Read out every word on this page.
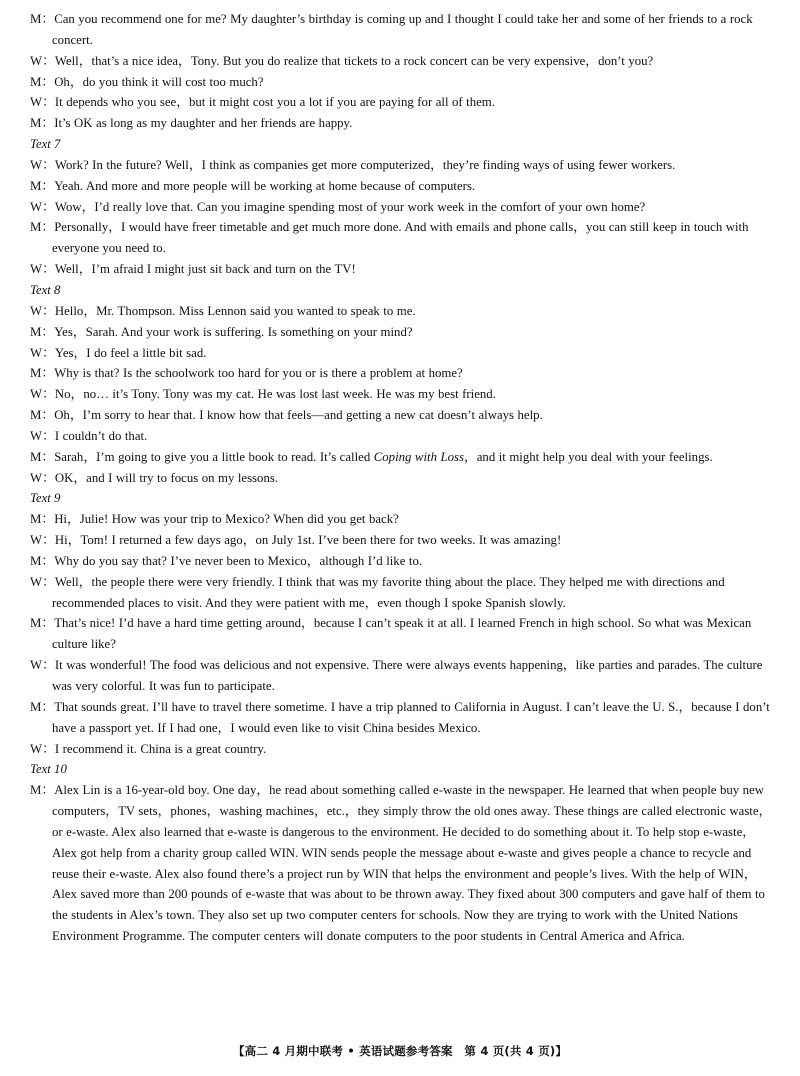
M：Can you recommend one for me? My daughter’s birthday is coming up and I thought I could take her and some of her friends to a rock concert.
W：Well，that’s a nice idea，Tony. But you do realize that tickets to a rock concert can be very expensive，don’t you?
M：Oh，do you think it will cost too much?
W：It depends who you see，but it might cost you a lot if you are paying for all of them.
M：It’s OK as long as my daughter and her friends are happy.
Text 7
W：Work? In the future? Well，I think as companies get more computerized，they’re finding ways of using fewer workers.
M：Yeah. And more and more people will be working at home because of computers.
W：Wow，I’d really love that. Can you imagine spending most of your work week in the comfort of your own home?
M：Personally，I would have freer timetable and get much more done. And with emails and phone calls，you can still keep in touch with everyone you need to.
W：Well，I’m afraid I might just sit back and turn on the TV!
Text 8
W：Hello，Mr. Thompson. Miss Lennon said you wanted to speak to me.
M：Yes，Sarah. And your work is suffering. Is something on your mind?
W：Yes，I do feel a little bit sad.
M：Why is that? Is the schoolwork too hard for you or is there a problem at home?
W：No，no… it’s Tony. Tony was my cat. He was lost last week. He was my best friend.
M：Oh，I’m sorry to hear that. I know how that feels—and getting a new cat doesn’t always help.
W：I couldn’t do that.
M：Sarah，I’m going to give you a little book to read. It’s called Coping with Loss，and it might help you deal with your feelings.
W：OK，and I will try to focus on my lessons.
Text 9
M：Hi，Julie! How was your trip to Mexico? When did you get back?
W：Hi，Tom! I returned a few days ago，on July 1st. I’ve been there for two weeks. It was amazing!
M：Why do you say that? I’ve never been to Mexico，although I’d like to.
W：Well，the people there were very friendly. I think that was my favorite thing about the place. They helped me with directions and recommended places to visit. And they were patient with me，even though I spoke Spanish slowly.
M：That’s nice! I’d have a hard time getting around，because I can’t speak it at all. I learned French in high school. So what was Mexican culture like?
W：It was wonderful! The food was delicious and not expensive. There were always events happening，like parties and parades. The culture was very colorful. It was fun to participate.
M：That sounds great. I’ll have to travel there sometime. I have a trip planned to California in August. I can’t leave the U. S.，because I don’t have a passport yet. If I had one，I would even like to visit China besides Mexico.
W：I recommend it. China is a great country.
Text 10
M：Alex Lin is a 16-year-old boy. One day，he read about something called e-waste in the newspaper. He learned that when people buy new computers，TV sets，phones，washing machines，etc.，they simply throw the old ones away. These things are called electronic waste，or e-waste. Alex also learned that e-waste is dangerous to the environment. He decided to do something about it. To help stop e-waste，Alex got help from a charity group called WIN. WIN sends people the message about e-waste and gives people a chance to recycle and reuse their e-waste. Alex also found there’s a project run by WIN that helps the environment and people’s lives. With the help of WIN，Alex saved more than 200 pounds of e-waste that was about to be thrown away. They fixed about 300 computers and gave half of them to the students in Alex’s town. They also set up two computer centers for schools. Now they are trying to work with the United Nations Environment Programme. The computer centers will donate computers to the poor students in Central America and Africa.
【高二 4 月期中联考 • 英语试题参考答案　第 4 页(共 4 页)】
